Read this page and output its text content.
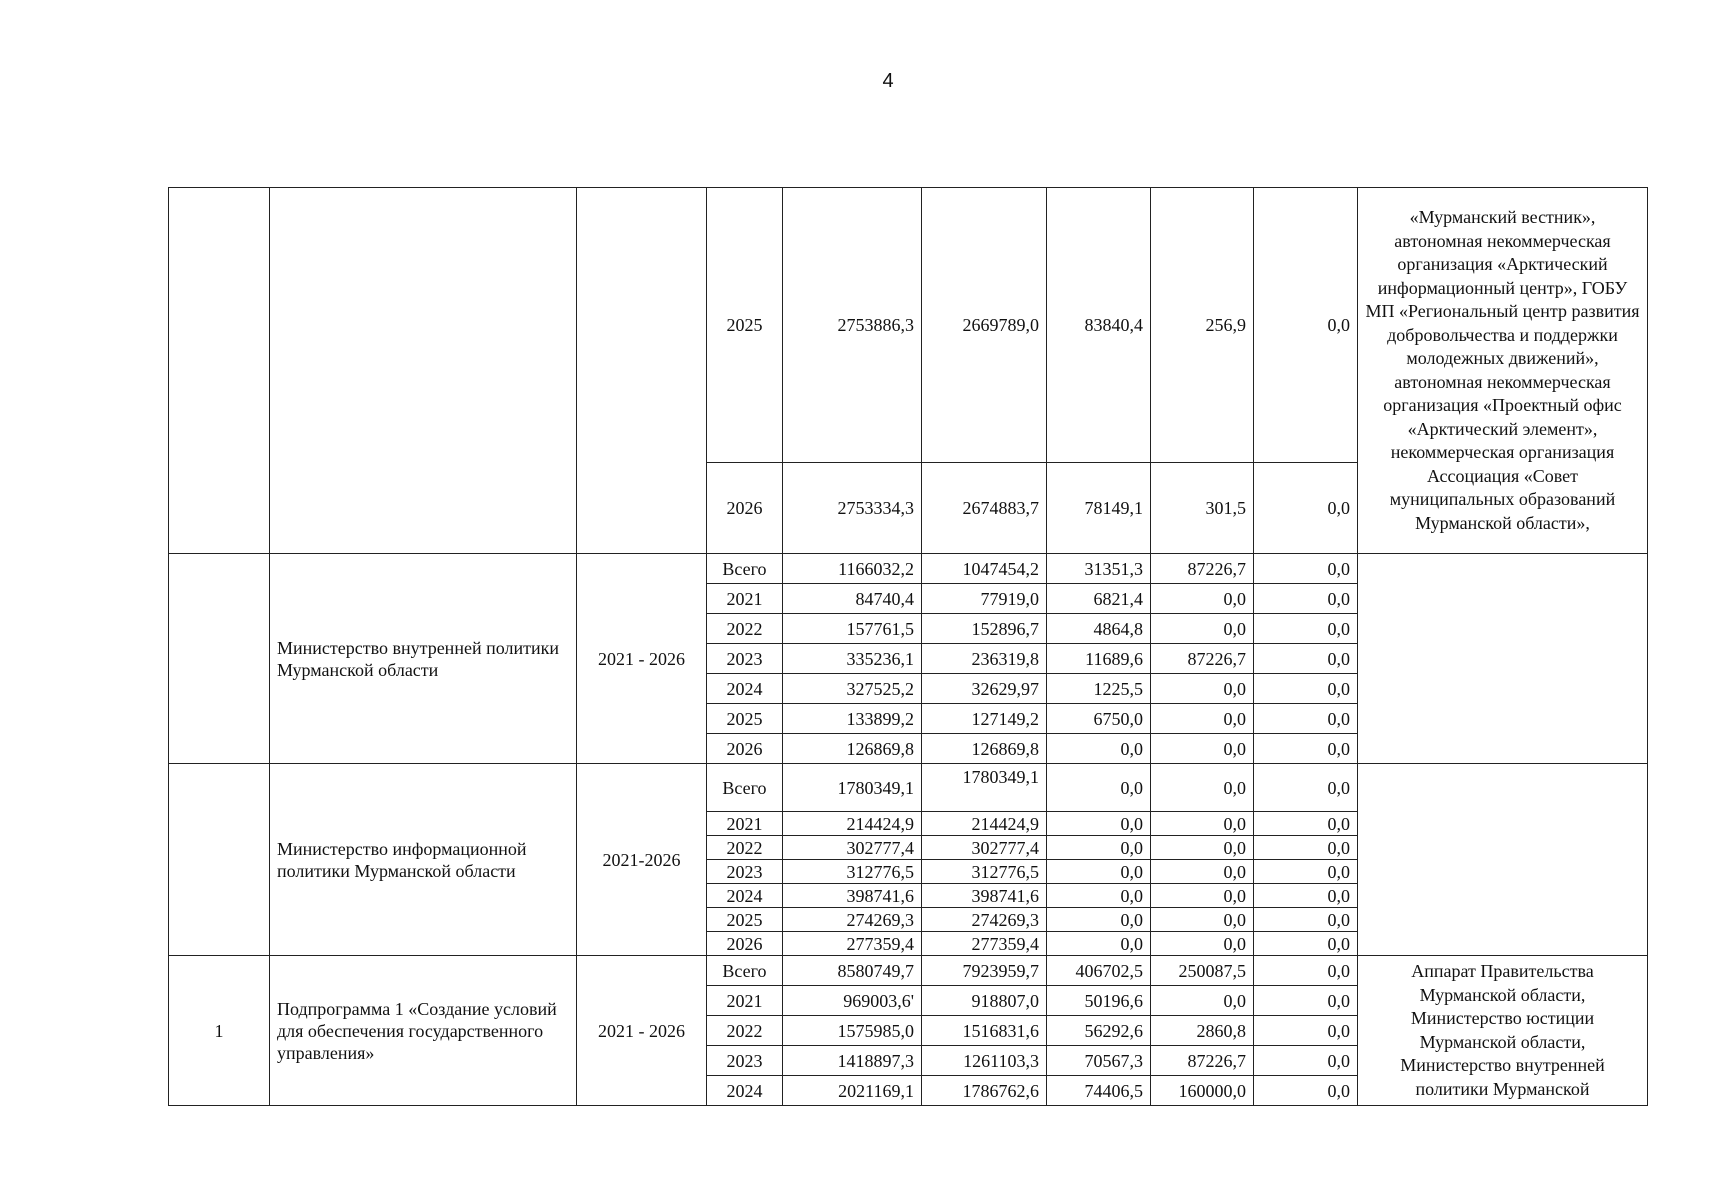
4
			2025	2753886,3	2669789,0	83840,4	256,9	0,0	«Мурманский вестник», автономная некоммерческая организация «Арктический информационный центр», ГОБУ МП «Региональный центр развития добровольчества и поддержки молодежных движений», автономная некоммерческая организация «Проектный офис «Арктический элемент», некоммерческая организация Ассоциация «Совет муниципальных образований Мурманской области»,
			2026	2753334,3	2674883,7	78149,1	301,5	0,0	
	Министерство внутренней политики Мурманской области	2021 - 2026	Всего	1166032,2	1047454,2	31351,3	87226,7	0,0	
			2021	84740,4	77919,0	6821,4	0,0	0,0	
			2022	157761,5	152896,7	4864,8	0,0	0,0	
			2023	335236,1	236319,8	11689,6	87226,7	0,0	
			2024	327525,2	32629,97	1225,5	0,0	0,0	
			2025	133899,2	127149,2	6750,0	0,0	0,0	
			2026	126869,8	126869,8	0,0	0,0	0,0	
	Министерство информационной политики Мурманской области	2021-2026	Всего	1780349,1	1780349,1	0,0	0,0	0,0	
			2021	214424,9	214424,9	0,0	0,0	0,0	
			2022	302777,4	302777,4	0,0	0,0	0,0	
			2023	312776,5	312776,5	0,0	0,0	0,0	
			2024	398741,6	398741,6	0,0	0,0	0,0	
			2025	274269,3	274269,3	0,0	0,0	0,0	
			2026	277359,4	277359,4	0,0	0,0	0,0	
1	Подпрограмма 1 «Создание условий для обеспечения государственного управления»	2021 - 2026	Всего	8580749,7	7923959,7	406702,5	250087,5	0,0	Аппарат Правительства Мурманской области, Министерство юстиции Мурманской области, Министерство внутренней политики Мурманской
			2021	969003,6'	918807,0	50196,6	0,0	0,0	
			2022	1575985,0	1516831,6	56292,6	2860,8	0,0	
			2023	1418897,3	1261103,3	70567,3	87226,7	0,0	
			2024	2021169,1	1786762,6	74406,5	160000,0	0,0	
